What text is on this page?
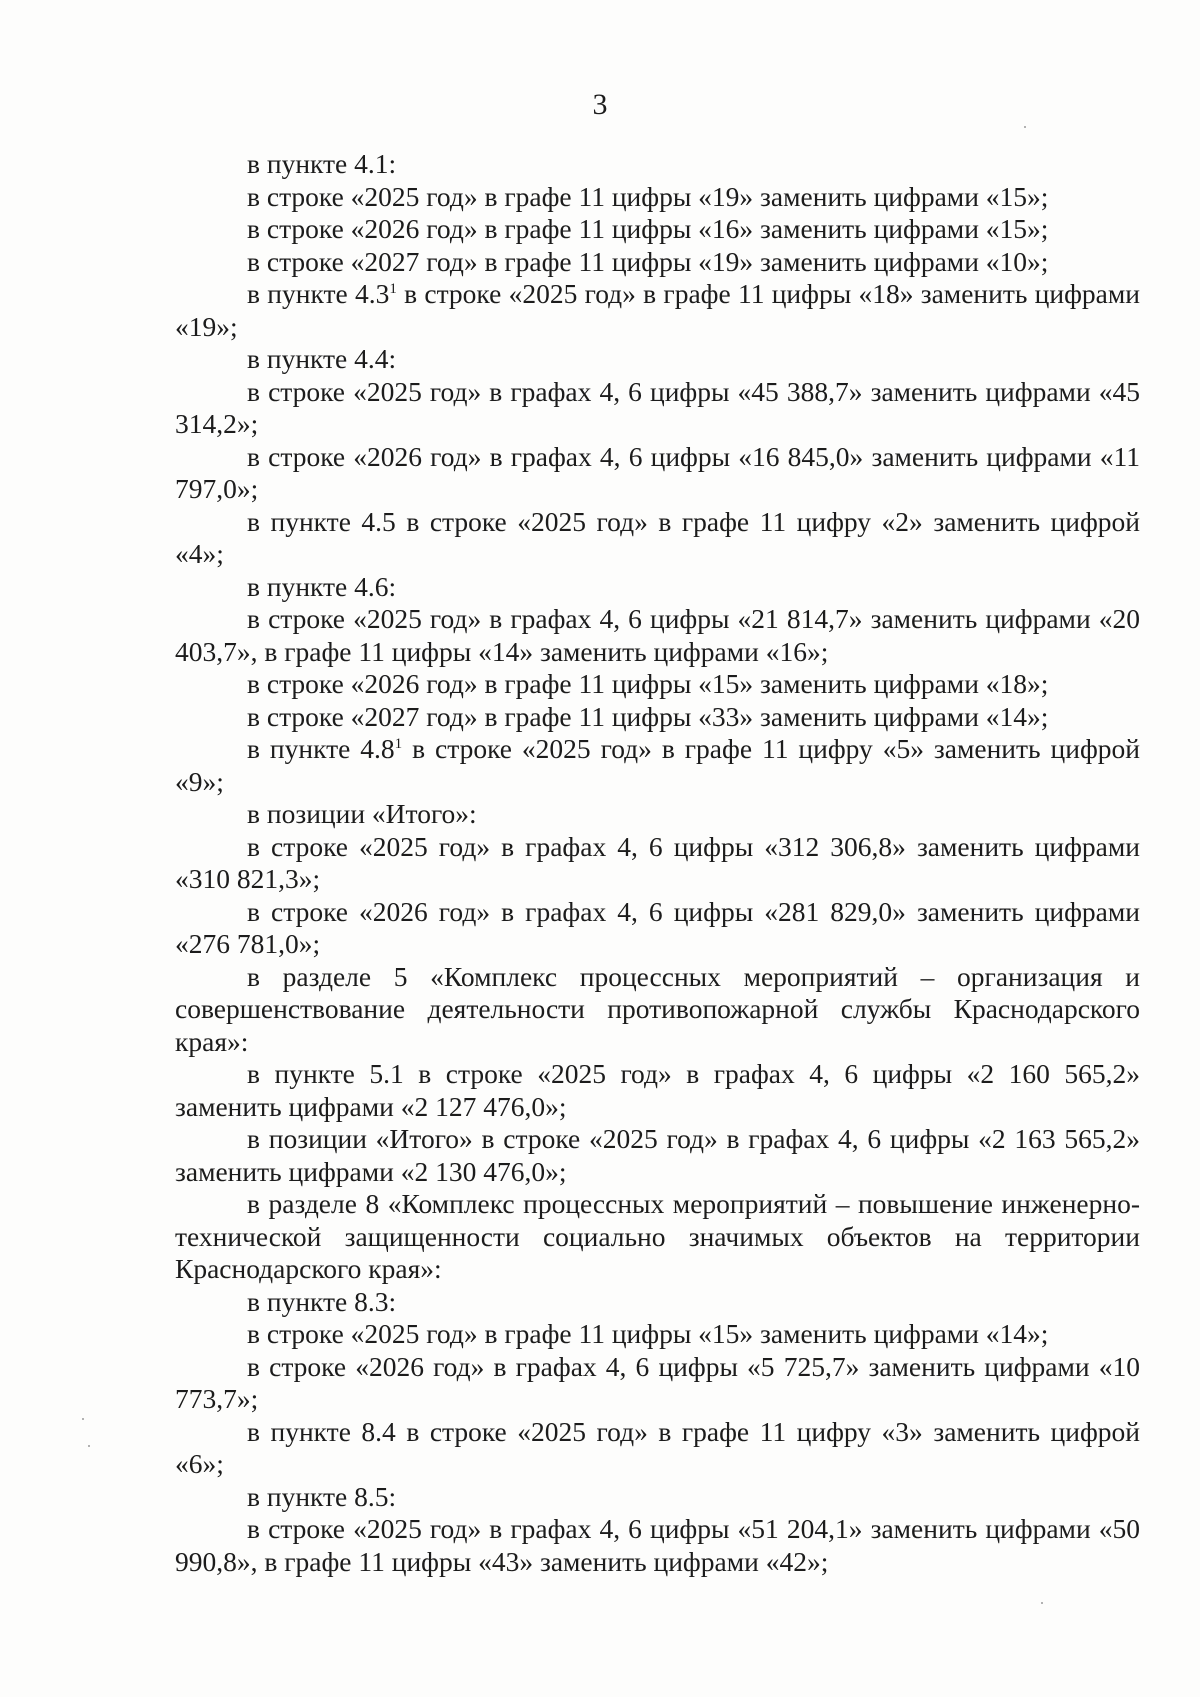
3

в пункте 4.1:

в строке «2025 год» в графе 11 цифры «19» заменить цифрами «15»;

в строке «2026 год» в графе 11 цифры «16» заменить цифрами «15»;

в строке «2027 год» в графе 11 цифры «19» заменить цифрами «10»;

в пункте $4.3^1$ в строке «2025 год» в графе 11 цифры «18» заменить цифрами «19»;

в пункте 4.4:

в строке «2025 год» в графах 4, 6 цифры «45 388,7» заменить цифрами «45 314,2»;

в строке «2026 год» в графах 4, 6 цифры «16 845,0» заменить цифрами «11 797,0»;

в пункте 4.5 в строке «2025 год» в графе 11 цифру «2» заменить цифрой «4»;

в пункте 4.6:

в строке «2025 год» в графах 4, 6 цифры «21 814,7» заменить цифрами «20 403,7», в графе 11 цифры «14» заменить цифрами «16»;

в строке «2026 год» в графе 11 цифры «15» заменить цифрами «18»;

в строке «2027 год» в графе 11 цифры «33» заменить цифрами «14»;

в пункте $4.8^1$ в строке «2025 год» в графе 11 цифру «5» заменить цифрой «9»;

в позиции «Итого»:

в строке «2025 год» в графах 4, 6 цифры «312 306,8» заменить цифрами «310 821,3»;

в строке «2026 год» в графах 4, 6 цифры «281 829,0» заменить цифрами «276 781,0»;

в разделе 5 «Комплекс процессных мероприятий – организация и совершенствование деятельности противопожарной службы Краснодарского края»:

в пункте 5.1 в строке «2025 год» в графах 4, 6 цифры «2 160 565,2» заменить цифрами «2 127 476,0»;

в позиции «Итого» в строке «2025 год» в графах 4, 6 цифры «2 163 565,2» заменить цифрами «2 130 476,0»;

в разделе 8 «Комплекс процессных мероприятий – повышение инженерно-технической защищенности социально значимых объектов на территории Краснодарского края»:

в пункте 8.3:

в строке «2025 год» в графе 11 цифры «15» заменить цифрами «14»;

в строке «2026 год» в графах 4, 6 цифры «5 725,7» заменить цифрами «10 773,7»;

в пункте 8.4 в строке «2025 год» в графе 11 цифру «3» заменить цифрой «6»;

в пункте 8.5:

в строке «2025 год» в графах 4, 6 цифры «51 204,1» заменить цифрами «50 990,8», в графе 11 цифры «43» заменить цифрами «42»;
